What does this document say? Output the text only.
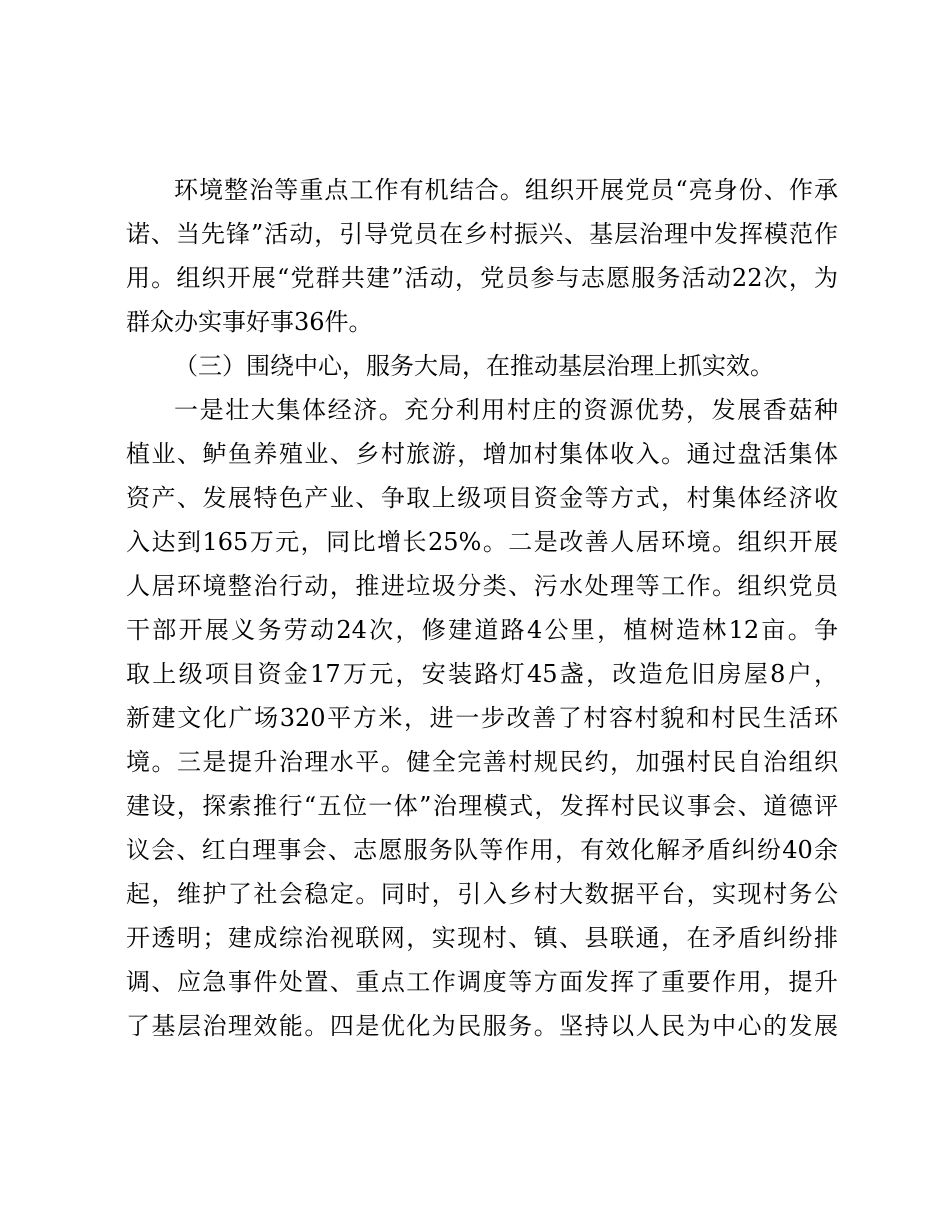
环境整治等重点工作有机结合。组织开展党员“亮身份、作承
诺、当先锋”活动，引导党员在乡村振兴、基层治理中发挥模范作
用。组织开展“党群共建”活动，党员参与志愿服务活动22次，为
群众办实事好事36件。
（三）围绕中心，服务大局，在推动基层治理上抓实效。
一是壮大集体经济。充分利用村庄的资源优势，发展香菇种
植业、鲈鱼养殖业、乡村旅游，增加村集体收入。通过盘活集体
资产、发展特色产业、争取上级项目资金等方式，村集体经济收
入达到165万元，同比增长25%。二是改善人居环境。组织开展
人居环境整治行动，推进垃圾分类、污水处理等工作。组织党员
干部开展义务劳动24次，修建道路4公里，植树造林12亩。争
取上级项目资金17万元，安装路灯45盏，改造危旧房屋8户，
新建文化广场320平方米，进一步改善了村容村貌和村民生活环
境。三是提升治理水平。健全完善村规民约，加强村民自治组织
建设，探索推行“五位一体”治理模式，发挥村民议事会、道德评
议会、红白理事会、志愿服务队等作用，有效化解矛盾纠纷40余
起，维护了社会稳定。同时，引入乡村大数据平台，实现村务公
开透明；建成综治视联网，实现村、镇、县联通，在矛盾纠纷排
调、应急事件处置、重点工作调度等方面发挥了重要作用，提升
了基层治理效能。四是优化为民服务。坚持以人民为中心的发展
